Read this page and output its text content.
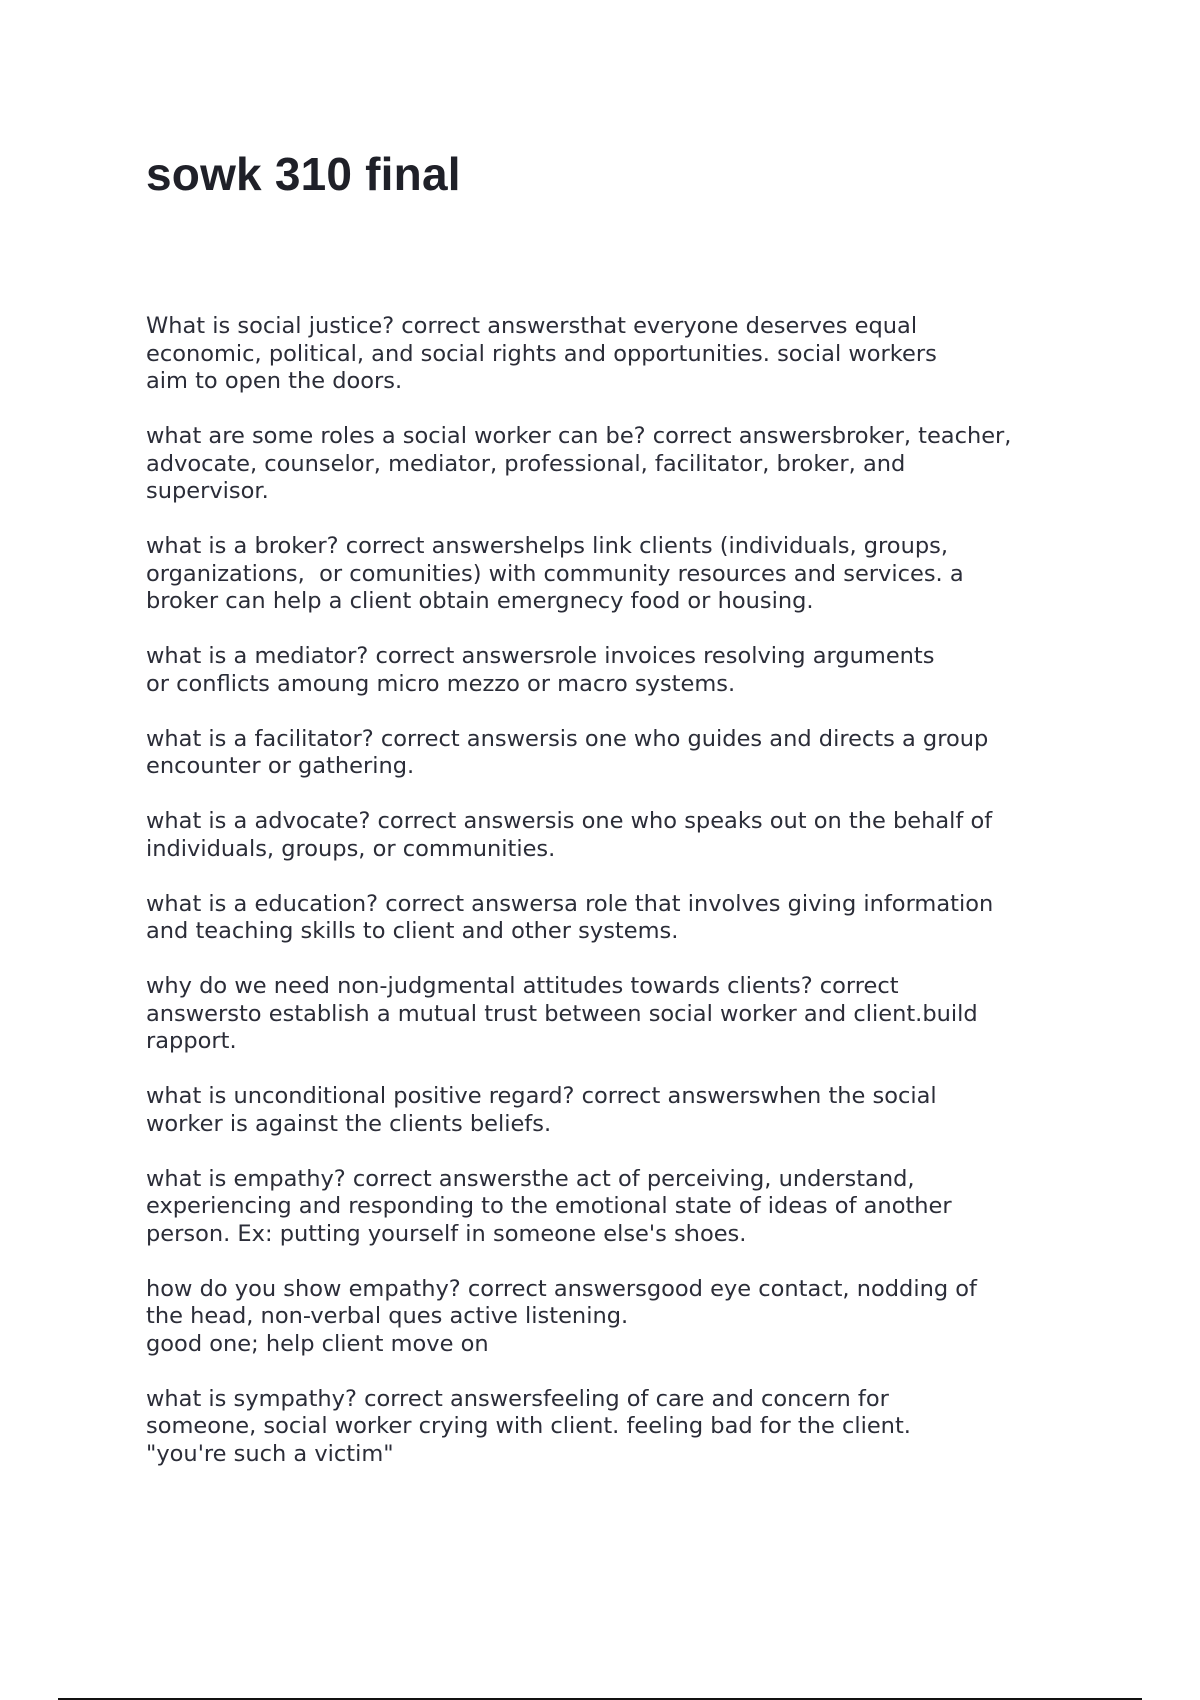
sowk 310 final
What is social justice? correct answersthat everyone deserves equal
economic, political, and social rights and opportunities. social workers
aim to open the doors.
what are some roles a social worker can be? correct answersbroker, teacher,
advocate, counselor, mediator, professional, facilitator, broker, and
supervisor.
what is a broker? correct answershelps link clients (individuals, groups,
organizations,  or comunities) with community resources and services. a
broker can help a client obtain emergnecy food or housing.
what is a mediator? correct answersrole invoices resolving arguments
or conflicts amoung micro mezzo or macro systems.
what is a facilitator? correct answersis one who guides and directs a group
encounter or gathering.
what is a advocate? correct answersis one who speaks out on the behalf of
individuals, groups, or communities.
what is a education? correct answersa role that involves giving information
and teaching skills to client and other systems.
why do we need non-judgmental attitudes towards clients? correct
answersto establish a mutual trust between social worker and client.build
rapport.
what is unconditional positive regard? correct answerswhen the social
worker is against the clients beliefs.
what is empathy? correct answersthe act of perceiving, understand,
experiencing and responding to the emotional state of ideas of another
person. Ex: putting yourself in someone else's shoes.
how do you show empathy? correct answersgood eye contact, nodding of
the head, non-verbal ques active listening.
good one; help client move on
what is sympathy? correct answersfeeling of care and concern for
someone, social worker crying with client. feeling bad for the client.
"you're such a victim"
